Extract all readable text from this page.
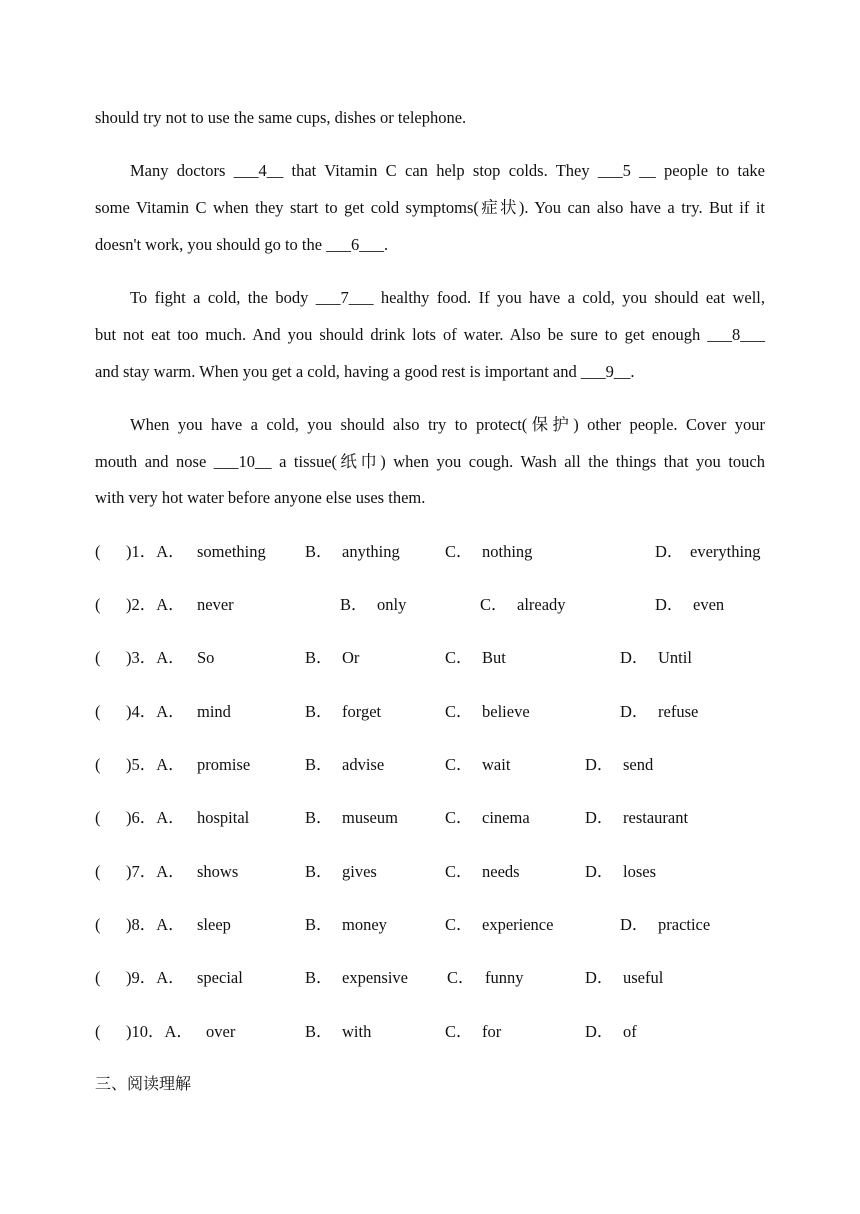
should try not to use the same cups, dishes or telephone.
Many doctors ___4__ that Vitamin C can help stop colds. They ___5 __ people to take
some Vitamin C when they start to get cold symptoms(症状). You can also have a try. But if it
doesn't work, you should go to the ___6___.
To fight a cold, the body ___7___ healthy food. If you have a cold, you should eat well,
but not eat too much. And you should drink lots of water. Also be sure to get enough ___8___
and stay warm. When you get a cold, having a good rest is important and ___9__.
When you have a cold, you should also try to protect(保护) other people. Cover your
mouth and nose ___10__ a tissue(纸巾) when you cough. Wash all the things that you touch
with very hot water before anyone else uses them.
( )1．A． something B． anything	C． nothing	D． everything
( )2．A． never	B． only	C． already	D． even
( )3．A． So	B． Or	C． But	D． Until
( )4．A． mind	B． forget	C． believe	D． refuse
( )5．A． promise	B． advise	C． wait	D． send
( )6．A． hospital	B． museum	C． cinema	D． restaurant
( )7．A． shows	B． gives	C． needs	D． loses
( )8．A． sleep	B． money	C． experience	D． practice
( )9．A． special	B． expensive C． funny	D． useful
( )10．A． over	B． with	C． for	D． of
三、阅读理解
